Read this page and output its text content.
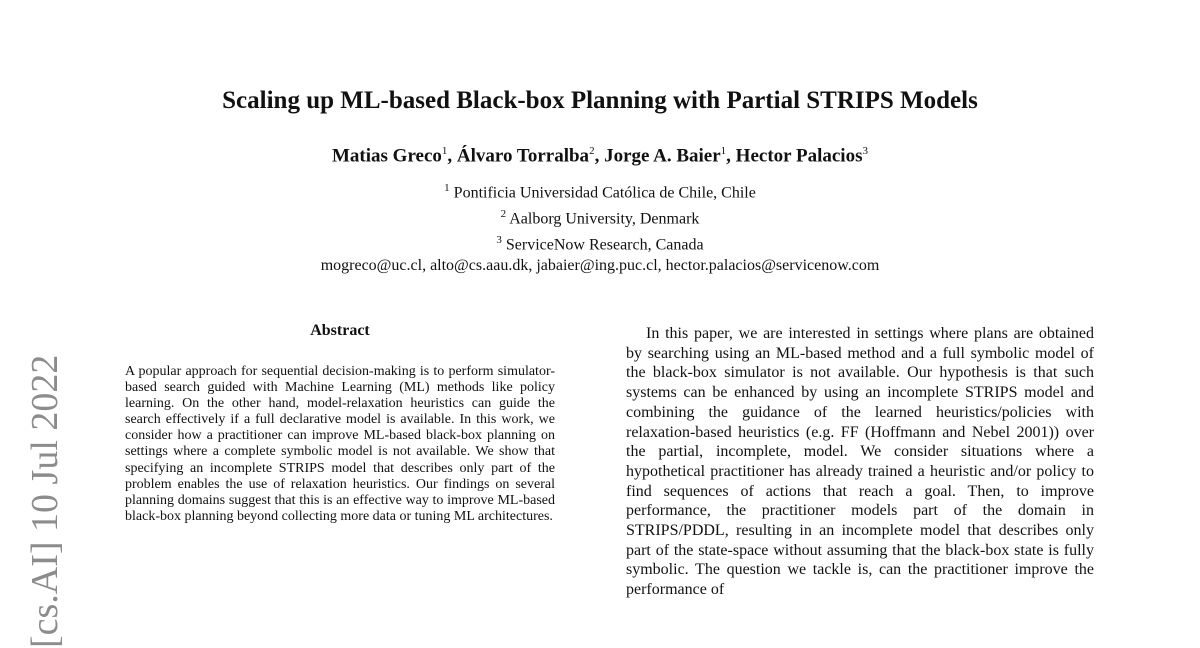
[cs.AI] 10 Jul 2022
Scaling up ML-based Black-box Planning with Partial STRIPS Models
Matias Greco$^1$, Álvaro Torralba$^2$, Jorge A. Baier$^1$, Hector Palacios$^3$
$^1$ Pontificia Universidad Católica de Chile, Chile
$^2$ Aalborg University, Denmark
$^3$ ServiceNow Research, Canada
mogreco@uc.cl, alto@cs.aau.dk, jabaier@ing.puc.cl, hector.palacios@servicenow.com
Abstract

A popular approach for sequential decision-making is to perform simulator-based search guided with Machine Learning (ML) methods like policy learning. On the other hand, model-relaxation heuristics can guide the search effectively if a full declarative model is available. In this work, we consider how a practitioner can improve ML-based black-box planning on settings where a complete symbolic model is not available. We show that specifying an incomplete STRIPS model that describes only part of the problem enables the use of relaxation heuristics. Our findings on several planning domains suggest that this is an effective way to improve ML-based black-box planning beyond collecting more data or tuning ML architectures.

In this paper, we are interested in settings where plans are obtained by searching using an ML-based method and a full symbolic model of the black-box simulator is not available. Our hypothesis is that such systems can be enhanced by using an incomplete STRIPS model and combining the guidance of the learned heuristics/policies with relaxation-based heuristics (e.g. FF (Hoffmann and Nebel 2001)) over the partial, incomplete, model. We consider situations where a hypothetical practitioner has already trained a heuristic and/or policy to find sequences of actions that reach a goal. Then, to improve performance, the practitioner models part of the domain in STRIPS/PDDL, resulting in an incomplete model that describes only part of the state-space without assuming that the black-box state is fully symbolic. The question we tackle is, can the practitioner improve the performance of
